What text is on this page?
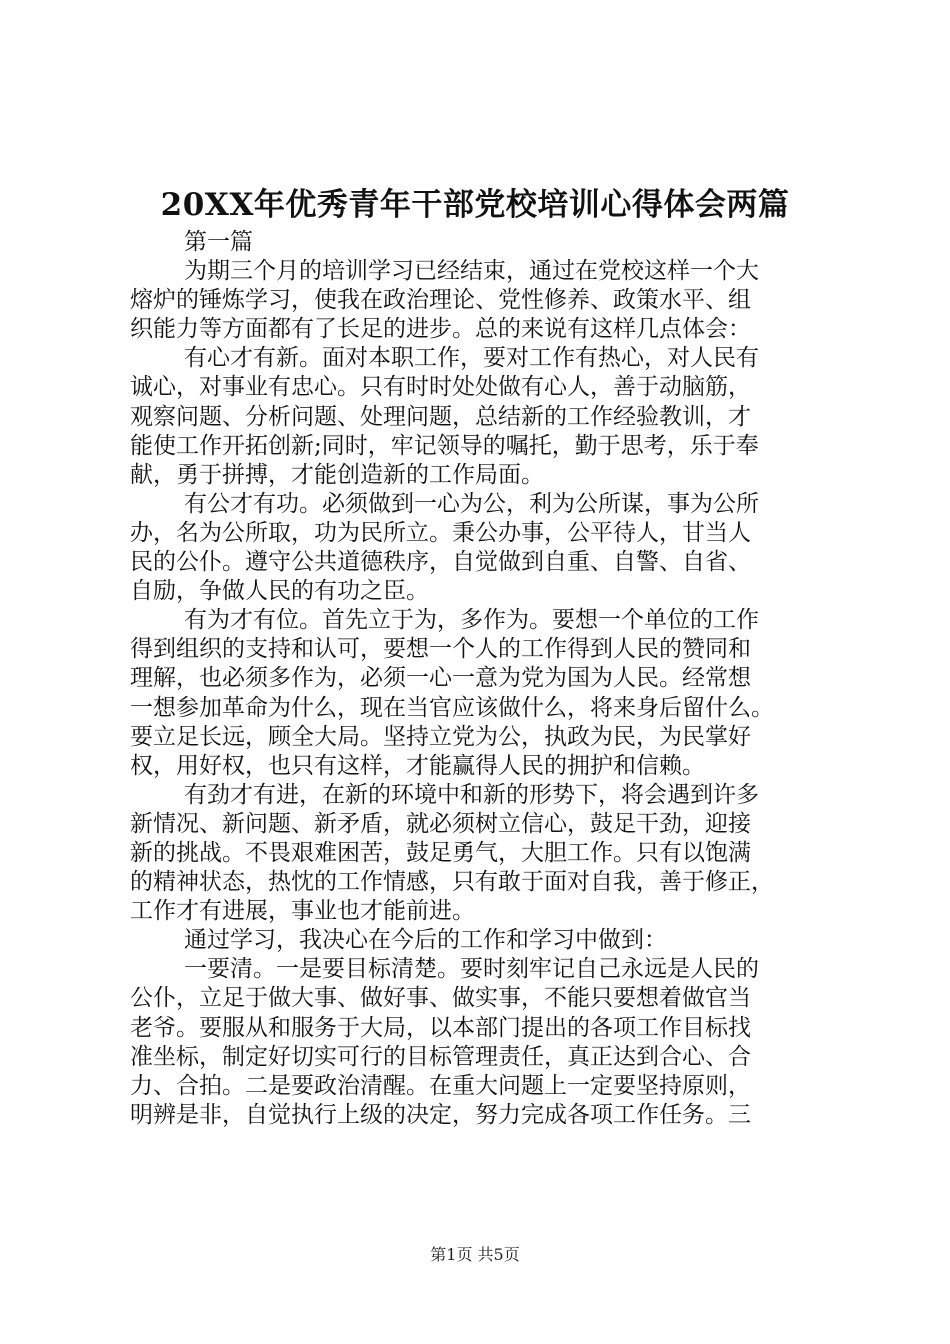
20XX年优秀青年干部党校培训心得体会两篇
第一篇
为期三个月的培训学习已经结束，通过在党校这样一个大
熔炉的锤炼学习，使我在政治理论、党性修养、政策水平、组
织能力等方面都有了长足的进步。总的来说有这样几点体会：
有心才有新。面对本职工作，要对工作有热心，对人民有
诚心，对事业有忠心。只有时时处处做有心人，善于动脑筋，
观察问题、分析问题、处理问题，总结新的工作经验教训，才
能使工作开拓创新;同时，牢记领导的嘱托，勤于思考，乐于奉
献，勇于拼搏，才能创造新的工作局面。
有公才有功。必须做到一心为公，利为公所谋，事为公所
办，名为公所取，功为民所立。秉公办事，公平待人，甘当人
民的公仆。遵守公共道德秩序，自觉做到自重、自警、自省、
自励，争做人民的有功之臣。
有为才有位。首先立于为，多作为。要想一个单位的工作
得到组织的支持和认可，要想一个人的工作得到人民的赞同和
理解，也必须多作为，必须一心一意为党为国为人民。经常想
一想参加革命为什么，现在当官应该做什么，将来身后留什么。
要立足长远，顾全大局。坚持立党为公，执政为民，为民掌好
权，用好权，也只有这样，才能赢得人民的拥护和信赖。
有劲才有进，在新的环境中和新的形势下，将会遇到许多
新情况、新问题、新矛盾，就必须树立信心，鼓足干劲，迎接
新的挑战。不畏艰难困苦，鼓足勇气，大胆工作。只有以饱满
的精神状态，热忱的工作情感，只有敢于面对自我，善于修正，
工作才有进展，事业也才能前进。
通过学习，我决心在今后的工作和学习中做到：
一要清。一是要目标清楚。要时刻牢记自己永远是人民的
公仆，立足于做大事、做好事、做实事，不能只要想着做官当
老爷。要服从和服务于大局，以本部门提出的各项工作目标找
准坐标，制定好切实可行的目标管理责任，真正达到合心、合
力、合拍。二是要政治清醒。在重大问题上一定要坚持原则，
明辨是非，自觉执行上级的决定，努力完成各项工作任务。三
第1页 共5页
